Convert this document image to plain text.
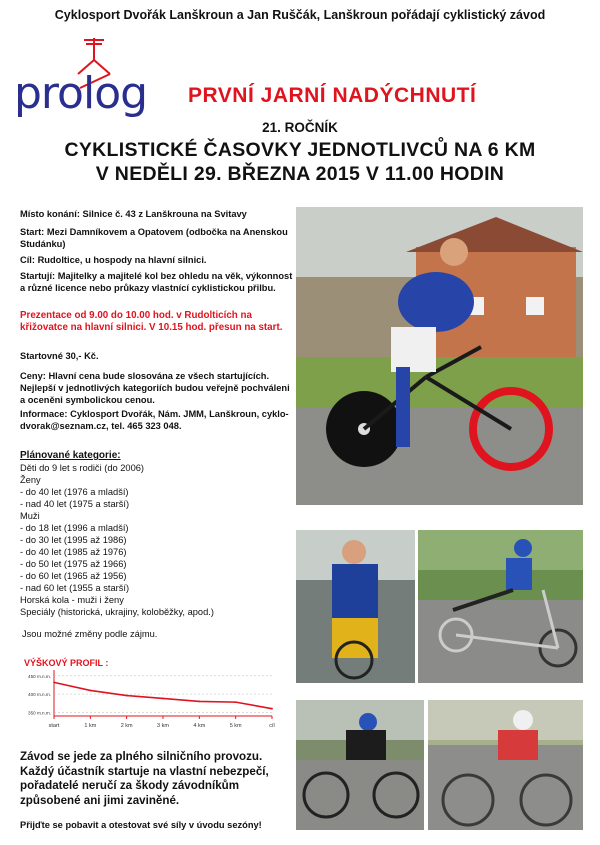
Cyklosport Dvořák Lanškroun a Jan Ruščák, Lanškroun pořádají cyklistický závod
prolog PRVNÍ JARNÍ NADÝCHNUTÍ
21. ROČNÍK
CYKLISTICKÉ ČASOVKY JEDNOTLIVCŮ NA 6 KM
V NEDĚLI 29. BŘEZNA 2015 V 11.00 HODIN
Místo konání: Silnice č. 43 z Lanškrouna na Svitavy
Start: Mezi Damníkovem a Opatovem (odbočka na Anenskou Studánku)
Cíl: Rudoltice, u hospody na hlavní silnici.
Startují: Majitelky a majitelé kol bez ohledu na věk, výkonnost a různé licence nebo průkazy vlastnící cyklistickou přilbu.
Prezentace od 9.00 do 10.00 hod. v Rudolticích na křižovatce na hlavní silnici. V 10.15 hod. přesun na start.
Startovné 30,- Kč.
Ceny: Hlavní cena bude slosována ze všech startujících. Nejlepší v jednotlivých kategoriích budou veřejně pochváleni a oceněni symbolickou cenou.
Informace: Cyklosport Dvořák, Nám. JMM, Lanškroun, cyklo-dvorak@seznam.cz, tel. 465 323 048.
Plánované kategorie:
Děti do 9 let s rodiči (do 2006)
Ženy
- do 40 let (1976 a mladší)
- nad 40 let (1975 a starší)
Muži
- do 18 let (1996 a mladší)
- do 30 let (1995 až 1986)
- do 40 let (1985 až 1976)
- do 50 let (1975 až 1966)
- do 60 let (1965 až 1956)
- nad 60 let (1955 a starší)
Horská kola - muži i ženy
Speciály (historická, ukrajiny, koloběžky, apod.)
Jsou možné změny podle zájmu.
VÝŠKOVÝ PROFIL :
450 m.n.m.
400 m.n.m.
350 m.n.m.
start	1 km	2 km	3 km	4 km	5 km	cíl
Závod se jede za plného silničního provozu. Každý účastník startuje na vlastní nebezpečí, pořadatelé neručí za škody závodníkům způsobené ani jimi zaviněné.
Přijďte se pobavit a otestovat své síly v úvodu sezóny!
